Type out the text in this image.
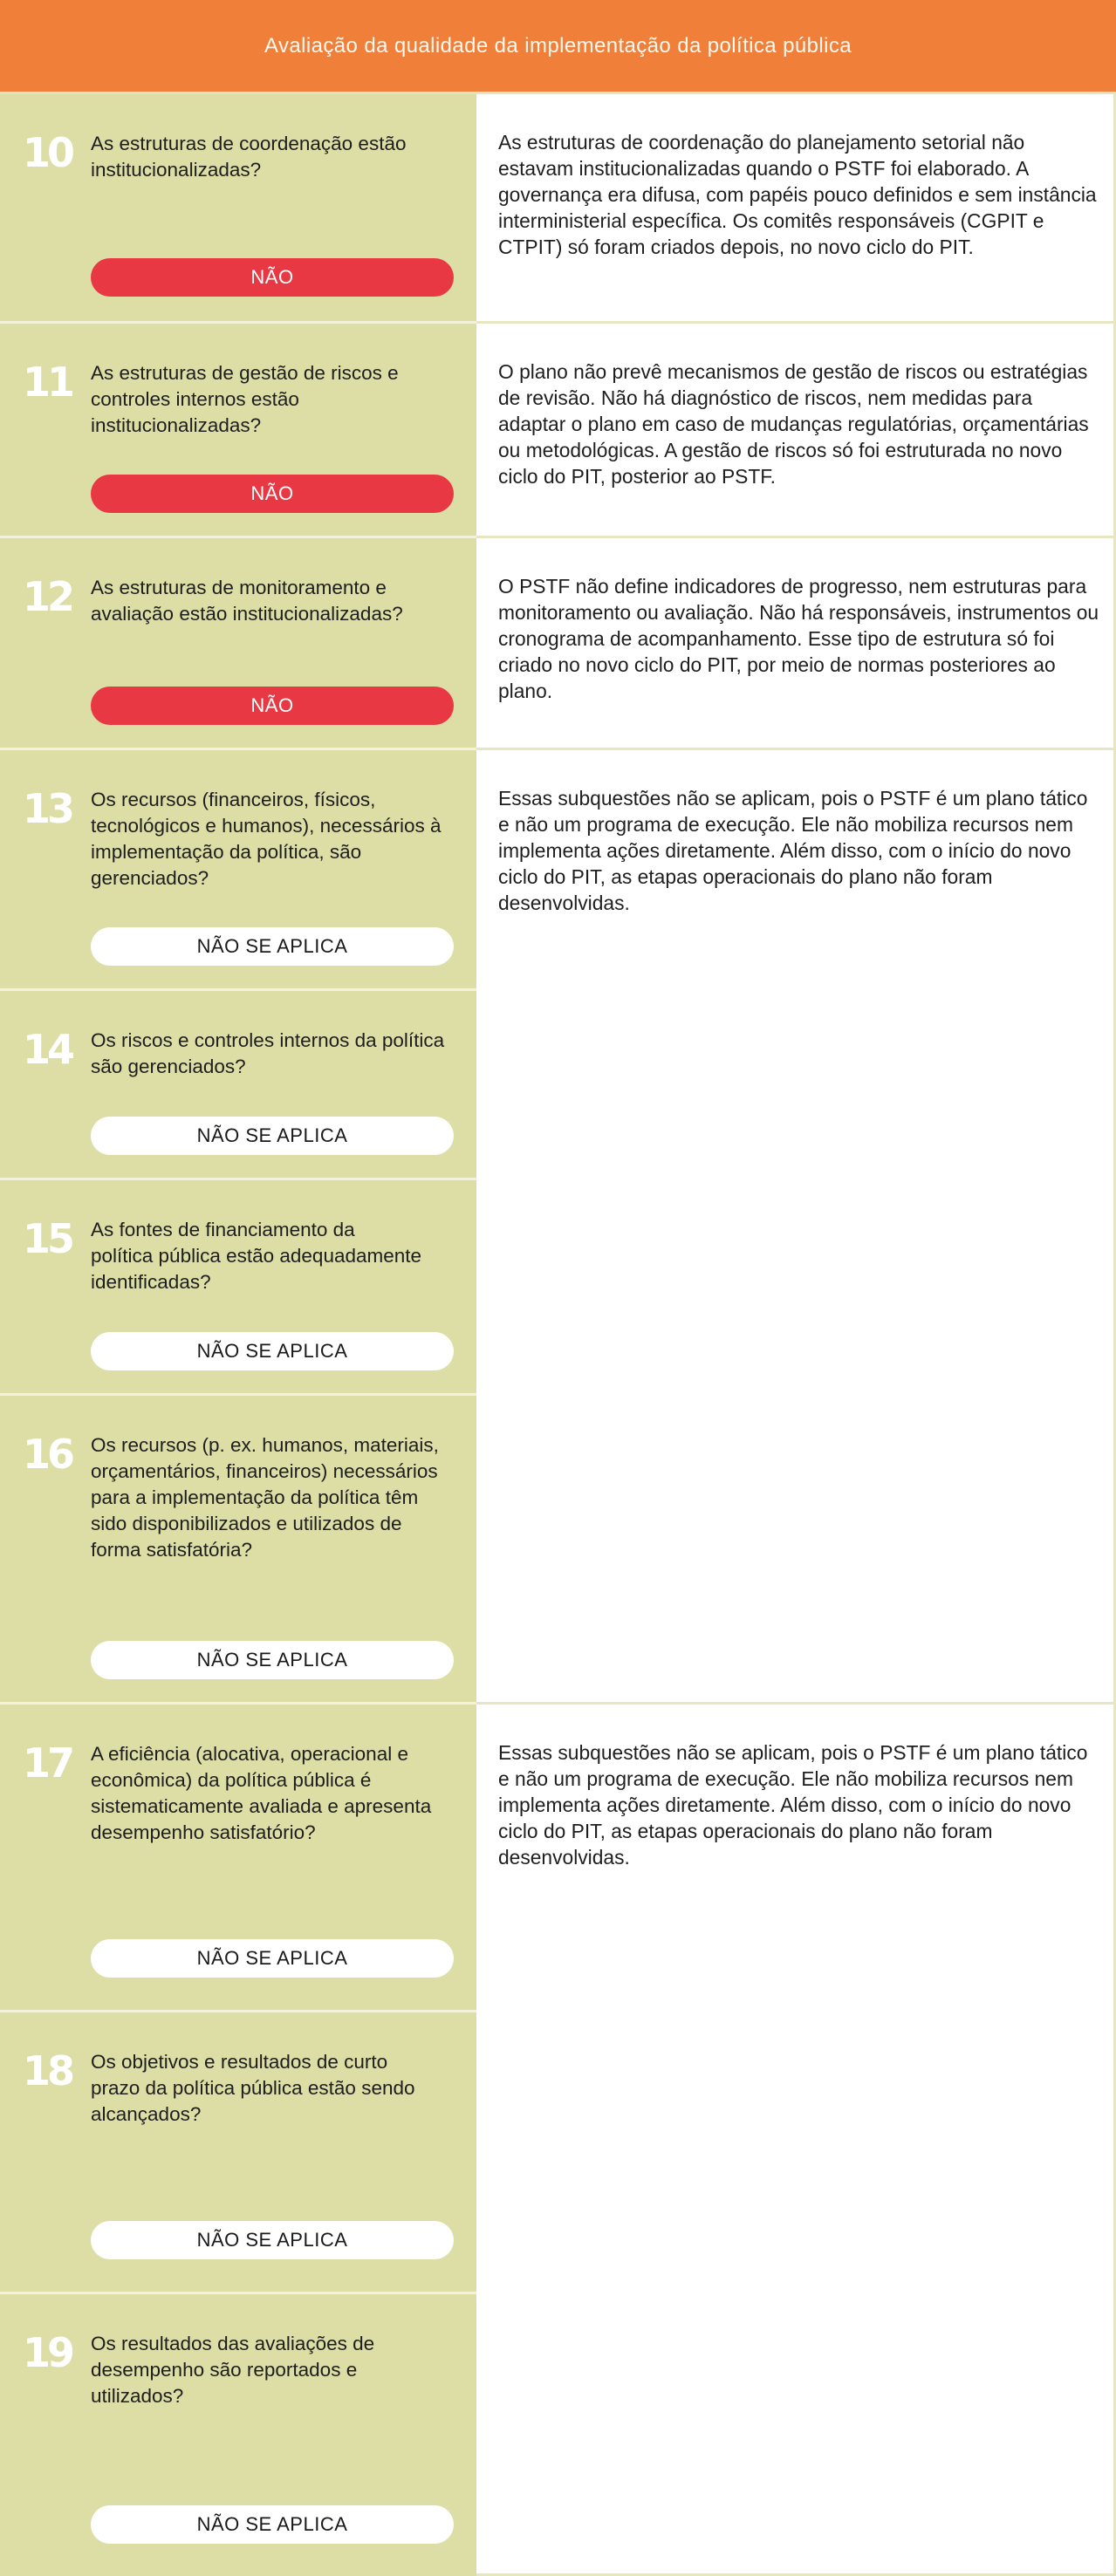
Avaliação da qualidade da implementação da política pública
10 As estruturas de coordenação estão institucionalizadas?
NÃO
11 As estruturas de gestão de riscos e controles internos estão institucionalizadas?
NÃO
12 As estruturas de monitoramento e avaliação estão institucionalizadas?
NÃO
13 Os recursos (financeiros, físicos, tecnológicos e humanos), necessários à implementação da política, são gerenciados?
NÃO SE APLICA
14 Os riscos e controles internos da política são gerenciados?
NÃO SE APLICA
15 As fontes de financiamento da política pública estão adequadamente identificadas?
NÃO SE APLICA
16 Os recursos (p. ex. humanos, materiais, orçamentários, financeiros) necessários para a implementação da política têm sido disponibilizados e utilizados de forma satisfatória?
NÃO SE APLICA
17 A eficiência (alocativa, operacional e econômica) da política pública é sistematicamente avaliada e apresenta desempenho satisfatório?
NÃO SE APLICA
18 Os objetivos e resultados de curto prazo da política pública estão sendo alcançados?
NÃO SE APLICA
19 Os resultados das avaliações de desempenho são reportados e utilizados?
NÃO SE APLICA

As estruturas de coordenação do planejamento setorial não estavam institucionalizadas quando o PSTF foi elaborado. A governança era difusa, com papéis pouco definidos e sem instância interministerial específica. Os comitês responsáveis (CGPIT e CTPIT) só foram criados depois, no novo ciclo do PIT.

O plano não prevê mecanismos de gestão de riscos ou estratégias de revisão. Não há diagnóstico de riscos, nem medidas para adaptar o plano em caso de mudanças regulatórias, orçamentárias ou metodológicas. A gestão de riscos só foi estruturada no novo ciclo do PIT, posterior ao PSTF.

O PSTF não define indicadores de progresso, nem estruturas para monitoramento ou avaliação. Não há responsáveis, instrumentos ou cronograma de acompanhamento. Esse tipo de estrutura só foi criado no novo ciclo do PIT, por meio de normas posteriores ao plano.

Essas subquestões não se aplicam, pois o PSTF é um plano tático e não um programa de execução. Ele não mobiliza recursos nem implementa ações diretamente. Além disso, com o início do novo ciclo do PIT, as etapas operacionais do plano não foram desenvolvidas.

Essas subquestões não se aplicam, pois o PSTF é um plano tático e não um programa de execução. Ele não mobiliza recursos nem implementa ações diretamente. Além disso, com o início do novo ciclo do PIT, as etapas operacionais do plano não foram desenvolvidas.
